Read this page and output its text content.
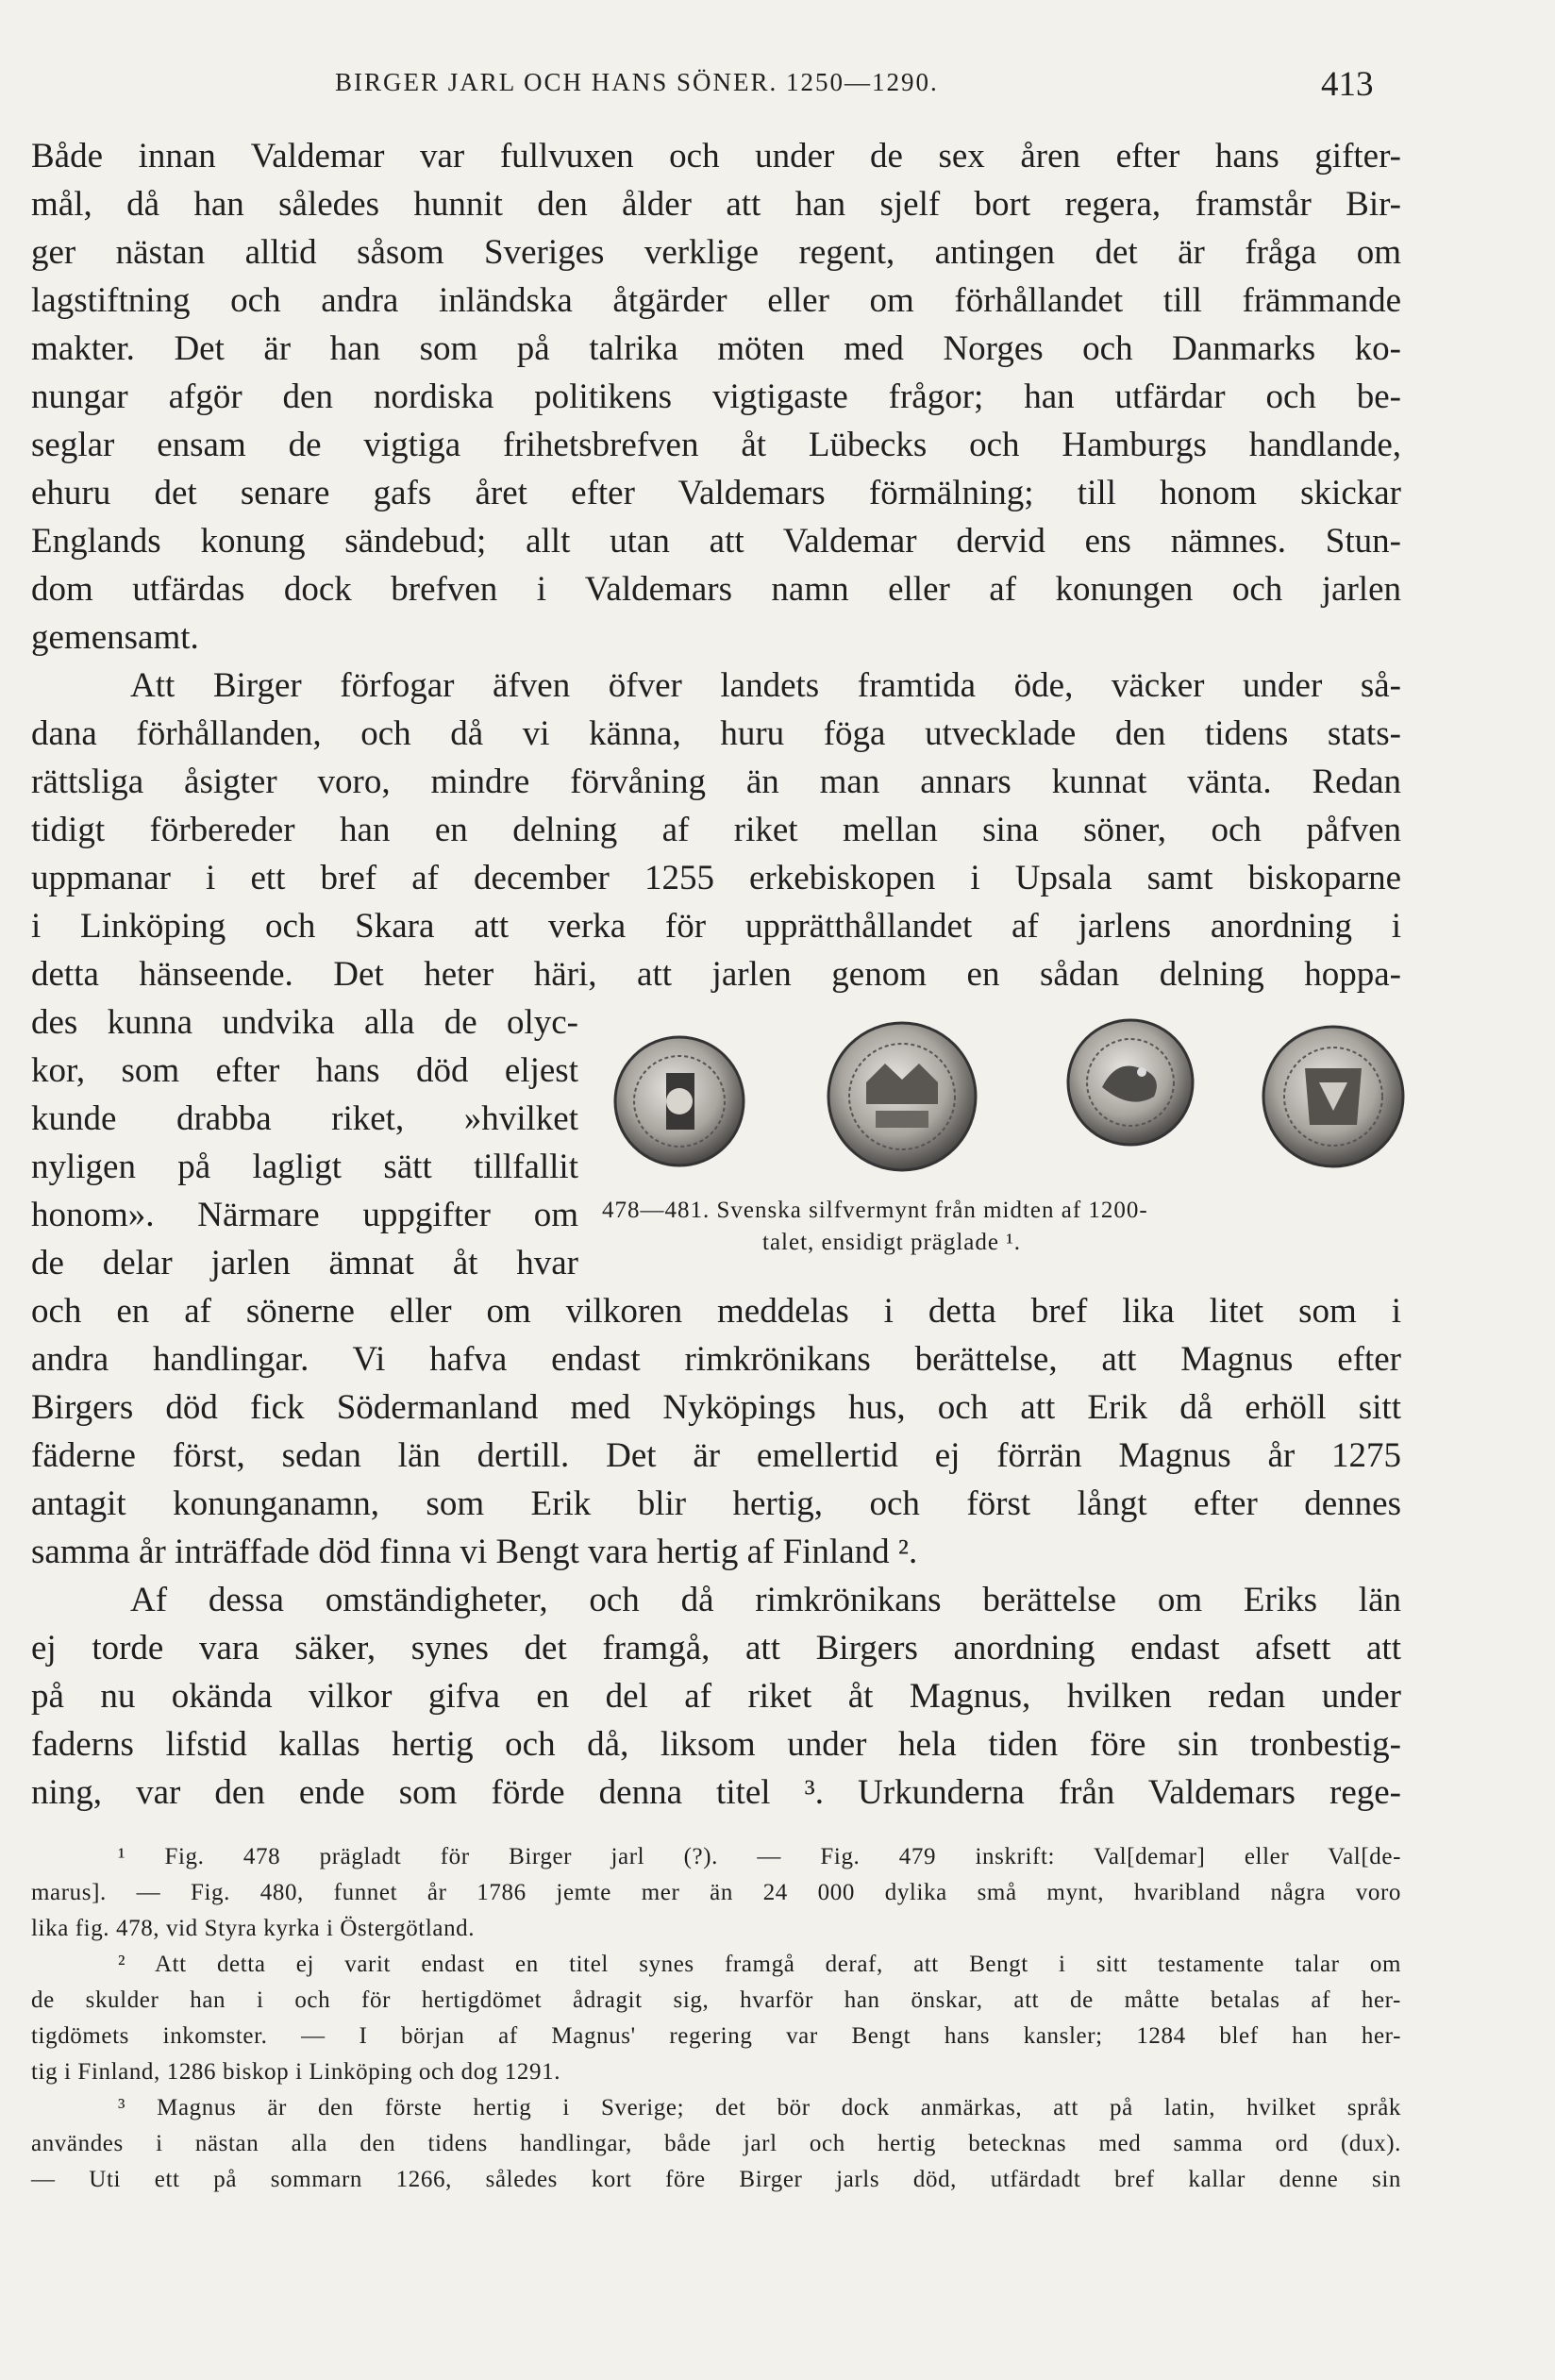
BIRGER JARL OCH HANS SÖNER. 1250—1290.	413
Både innan Valdemar var fullvuxen och under de sex åren efter hans gifter-
mål, då han således hunnit den ålder att han sjelf bort regera, framstår Bir-
ger nästan alltid såsom Sveriges verklige regent, antingen det är fråga om
lagstiftning och andra inländska åtgärder eller om förhållandet till främmande
makter. Det är han som på talrika möten med Norges och Danmarks ko-
nungar afgör den nordiska politikens vigtigaste frågor; han utfärdar och be-
seglar ensam de vigtiga frihetsbrefven åt Lübecks och Hamburgs handlande,
ehuru det senare gafs året efter Valdemars förmälning; till honom skickar
Englands konung sändebud; allt utan att Valdemar dervid ens nämnes. Stun-
dom utfärdas dock brefven i Valdemars namn eller af konungen och jarlen
gemensamt.
Att Birger förfogar äfven öfver landets framtida öde, väcker under så-
dana förhållanden, och då vi känna, huru föga utvecklade den tidens stats-
rättsliga åsigter voro, mindre förvåning än man annars kunnat vänta. Redan
tidigt förbereder han en delning af riket mellan sina söner, och påfven
uppmanar i ett bref af december 1255 erkebiskopen i Upsala samt biskoparne
i Linköping och Skara att verka för upprätthållandet af jarlens anordning i
detta hänseende. Det heter häri, att jarlen genom en sådan delning hoppa-
des kunna undvika alla de olyc-
kor, som efter hans död eljest
kunde drabba riket, »hvilket
nyligen på lagligt sätt tillfallit
honom». Närmare uppgifter om
de delar jarlen ämnat åt hvar
och en af sönerne eller om vilkoren meddelas i detta bref lika litet som i
andra handlingar. Vi hafva endast rimkrönikans berättelse, att Magnus efter
Birgers död fick Södermanland med Nyköpings hus, och att Erik då erhöll sitt
fäderne först, sedan län dertill. Det är emellertid ej förrän Magnus år 1275
antagit konunganamn, som Erik blir hertig, och först långt efter dennes
samma år inträffade död finna vi Bengt vara hertig af Finland ².
Af dessa omständigheter, och då rimkrönikans berättelse om Eriks län
ej torde vara säker, synes det framgå, att Birgers anordning endast afsett att
på nu okända vilkor gifva en del af riket åt Magnus, hvilken redan under
faderns lifstid kallas hertig och då, liksom under hela tiden före sin tronbestig-
ning, var den ende som förde denna titel ³. Urkunderna från Valdemars rege-
478—481. Svenska silfvermynt från midten af 1200-
talet, ensidigt präglade ¹.
¹ Fig. 478 prägladt för Birger jarl (?). — Fig. 479 inskrift: Val[demar] eller Val[de-
marus]. — Fig. 480, funnet år 1786 jemte mer än 24 000 dylika små mynt, hvaribland några voro
lika fig. 478, vid Styra kyrka i Östergötland.
² Att detta ej varit endast en titel synes framgå deraf, att Bengt i sitt testamente talar om
de skulder han i och för hertigdömet ådragit sig, hvarför han önskar, att de måtte betalas af her-
tigdömets inkomster. — I början af Magnus' regering var Bengt hans kansler; 1284 blef han her-
tig i Finland, 1286 biskop i Linköping och dog 1291.
³ Magnus är den förste hertig i Sverige; det bör dock anmärkas, att på latin, hvilket språk
användes i nästan alla den tidens handlingar, både jarl och hertig betecknas med samma ord (dux).
— Uti ett på sommarn 1266, således kort före Birger jarls död, utfärdadt bref kallar denne sin
